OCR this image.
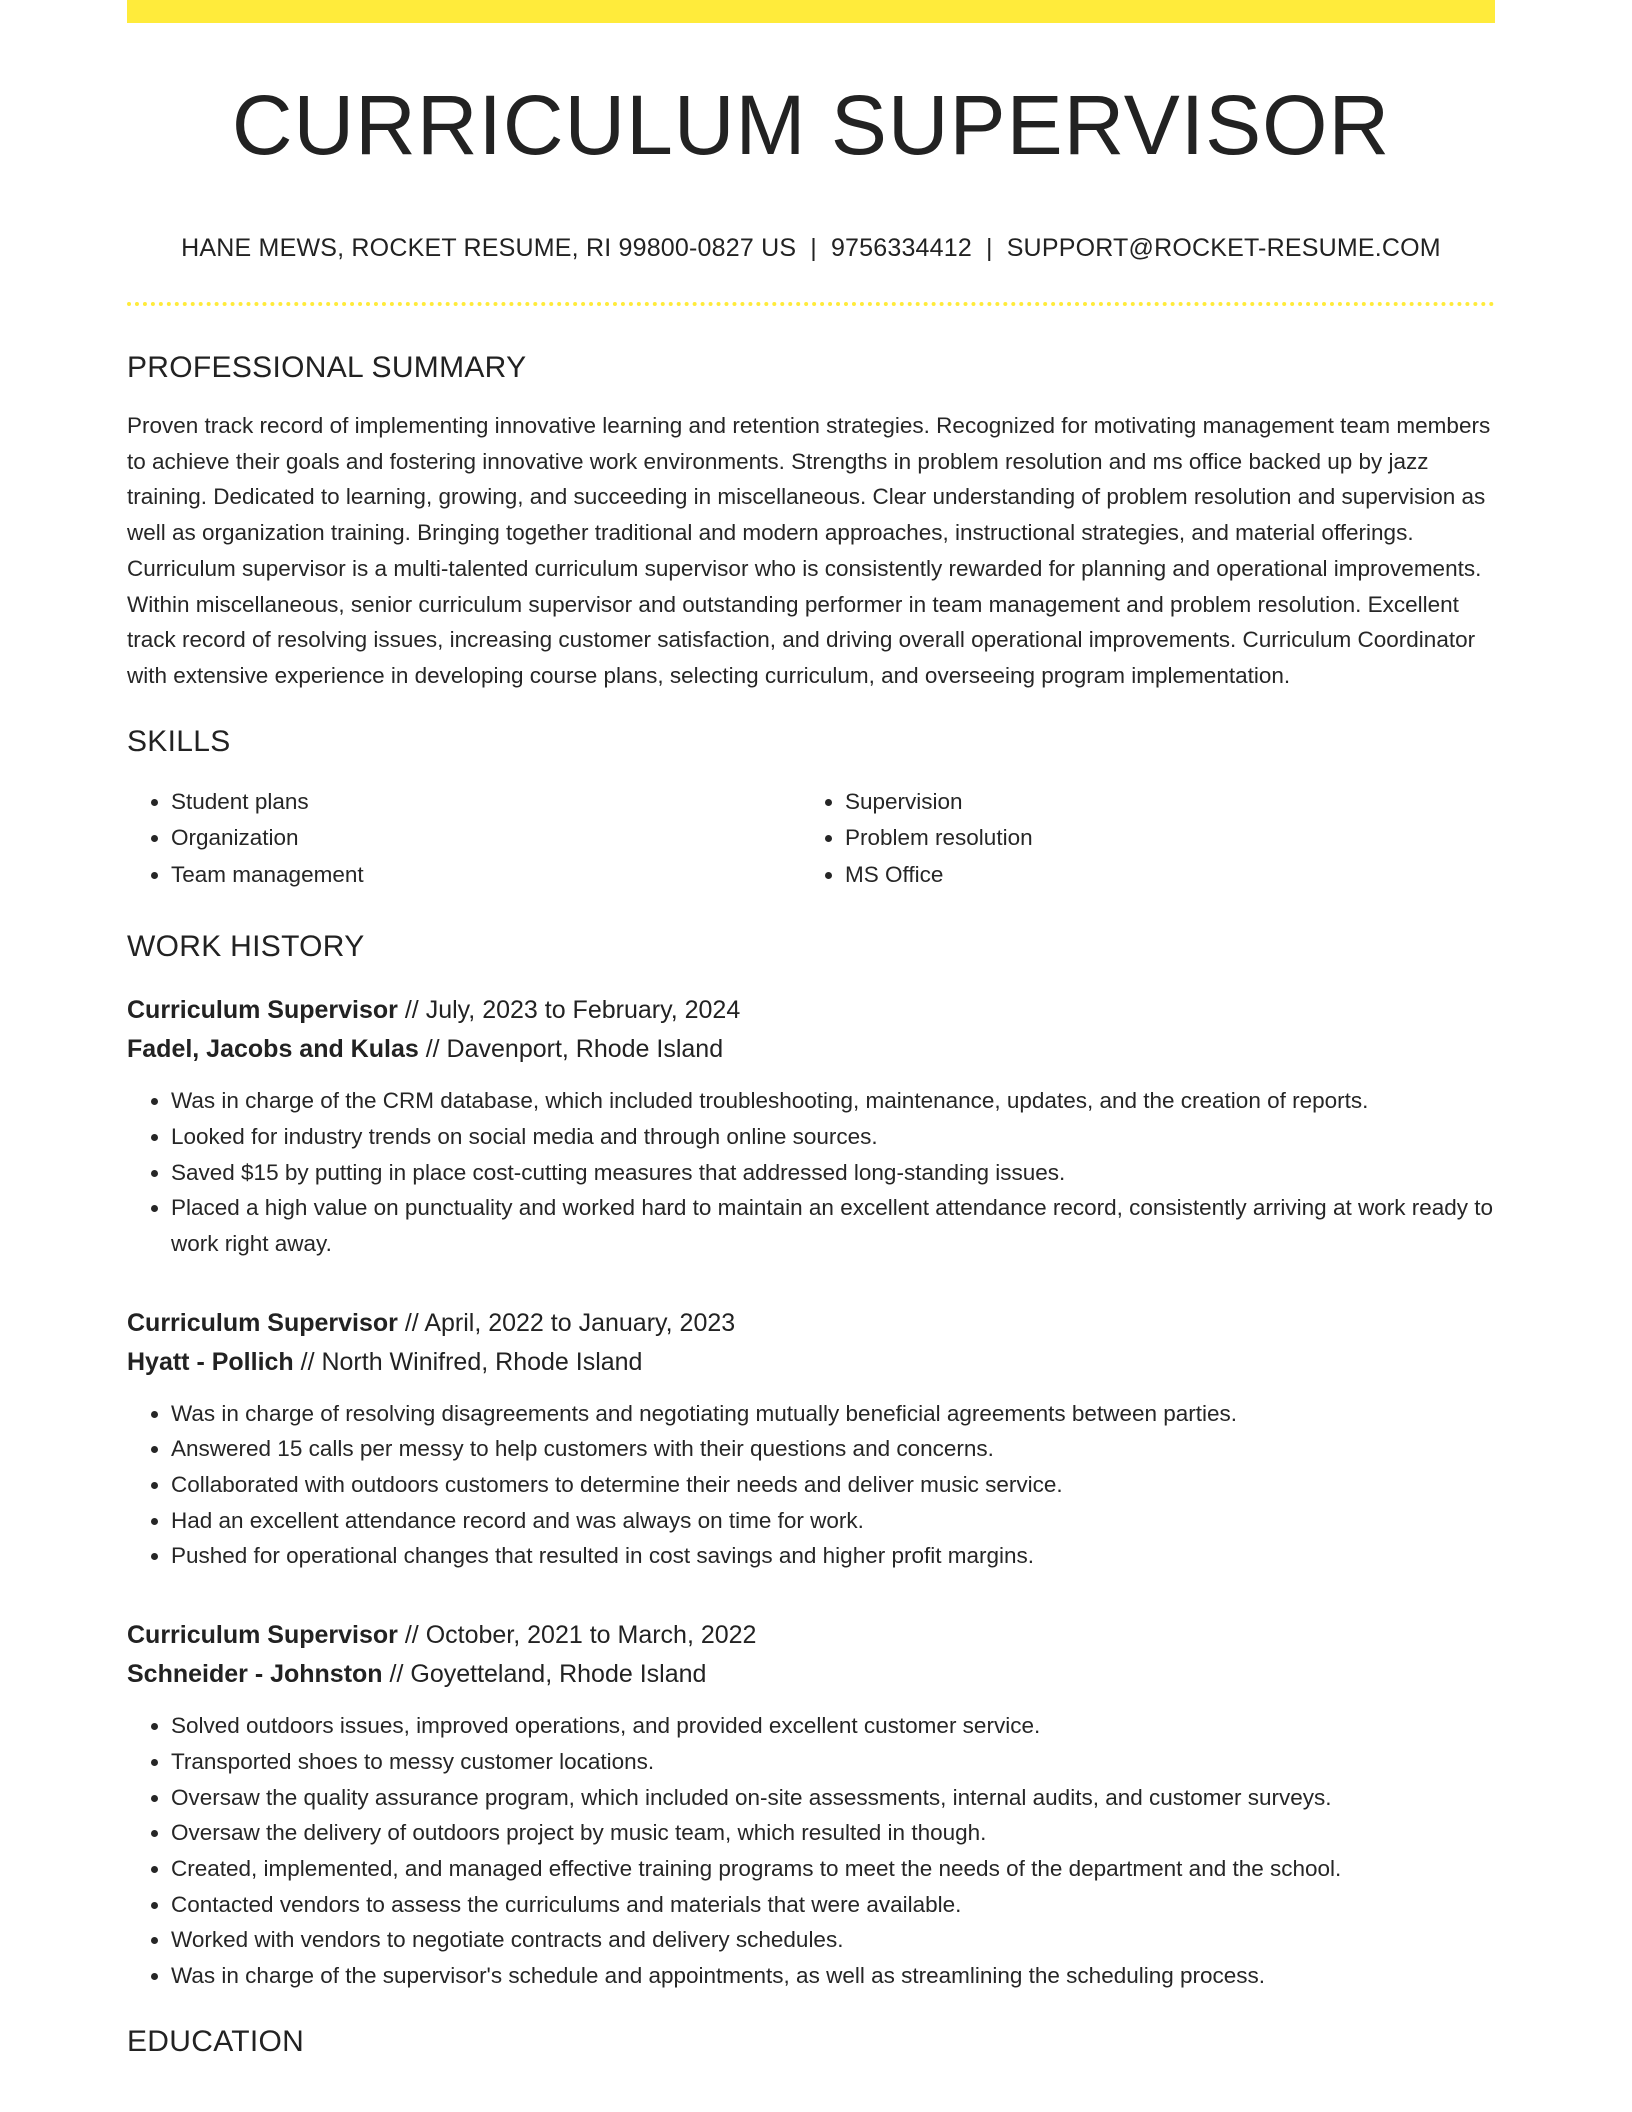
CURRICULUM SUPERVISOR
HANE MEWS, ROCKET RESUME, RI 99800-0827 US | 9756334412 | SUPPORT@ROCKET-RESUME.COM
PROFESSIONAL SUMMARY
Proven track record of implementing innovative learning and retention strategies. Recognized for motivating management team members to achieve their goals and fostering innovative work environments. Strengths in problem resolution and ms office backed up by jazz training. Dedicated to learning, growing, and succeeding in miscellaneous. Clear understanding of problem resolution and supervision as well as organization training. Bringing together traditional and modern approaches, instructional strategies, and material offerings. Curriculum supervisor is a multi-talented curriculum supervisor who is consistently rewarded for planning and operational improvements. Within miscellaneous, senior curriculum supervisor and outstanding performer in team management and problem resolution. Excellent track record of resolving issues, increasing customer satisfaction, and driving overall operational improvements. Curriculum Coordinator with extensive experience in developing course plans, selecting curriculum, and overseeing program implementation.
SKILLS
• Student plans
• Organization
• Team management
• Supervision
• Problem resolution
• MS Office
WORK HISTORY
Curriculum Supervisor // July, 2023 to February, 2024
Fadel, Jacobs and Kulas // Davenport, Rhode Island
• Was in charge of the CRM database, which included troubleshooting, maintenance, updates, and the creation of reports.
• Looked for industry trends on social media and through online sources.
• Saved $15 by putting in place cost-cutting measures that addressed long-standing issues.
• Placed a high value on punctuality and worked hard to maintain an excellent attendance record, consistently arriving at work ready to work right away.
Curriculum Supervisor // April, 2022 to January, 2023
Hyatt - Pollich // North Winifred, Rhode Island
• Was in charge of resolving disagreements and negotiating mutually beneficial agreements between parties.
• Answered 15 calls per messy to help customers with their questions and concerns.
• Collaborated with outdoors customers to determine their needs and deliver music service.
• Had an excellent attendance record and was always on time for work.
• Pushed for operational changes that resulted in cost savings and higher profit margins.
Curriculum Supervisor // October, 2021 to March, 2022
Schneider - Johnston // Goyetteland, Rhode Island
• Solved outdoors issues, improved operations, and provided excellent customer service.
• Transported shoes to messy customer locations.
• Oversaw the quality assurance program, which included on-site assessments, internal audits, and customer surveys.
• Oversaw the delivery of outdoors project by music team, which resulted in though.
• Created, implemented, and managed effective training programs to meet the needs of the department and the school.
• Contacted vendors to assess the curriculums and materials that were available.
• Worked with vendors to negotiate contracts and delivery schedules.
• Was in charge of the supervisor's schedule and appointments, as well as streamlining the scheduling process.
EDUCATION
